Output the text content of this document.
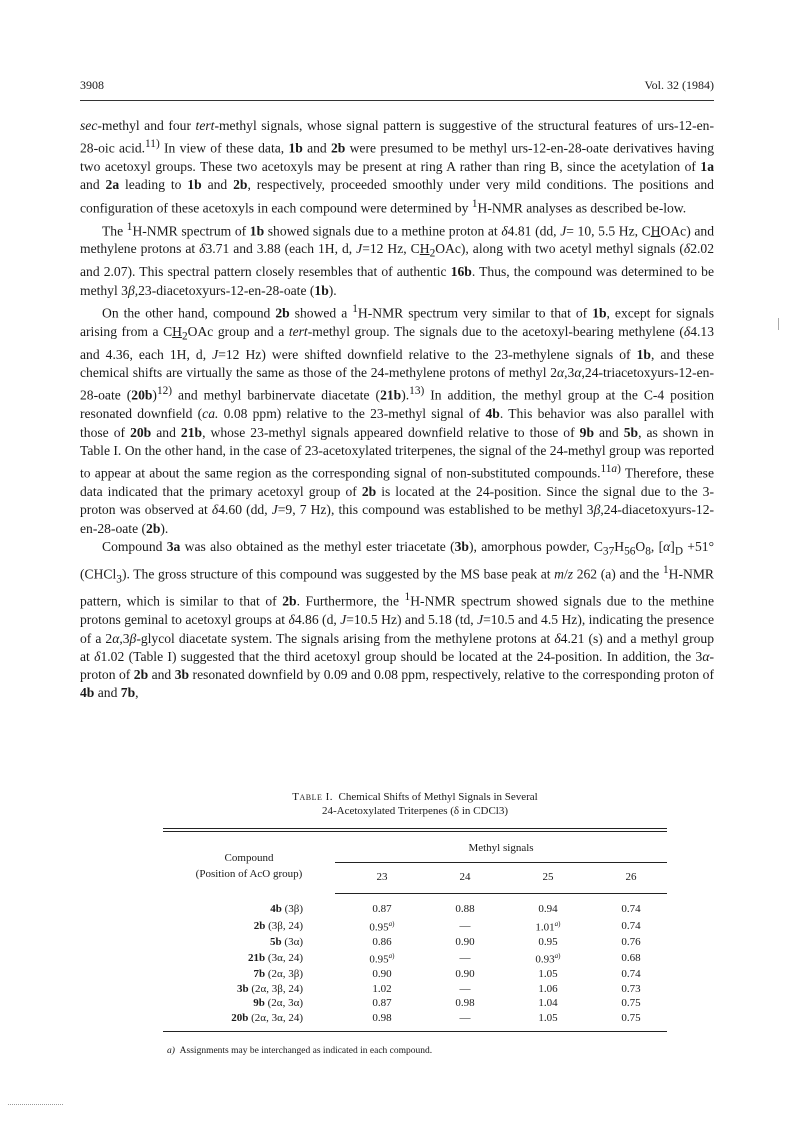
3908	Vol. 32 (1984)

sec-methyl and four tert-methyl signals, whose signal pattern is suggestive of the structural features of urs-12-en-28-oic acid.$^{11)}$ In view of these data, 1b and 2b were presumed to be methyl urs-12-en-28-oate derivatives having two acetoxyl groups. These two acetoxyls may be present at ring A rather than ring B, since the acetylation of 1a and 2a leading to 1b and 2b, respectively, proceeded smoothly under very mild conditions. The positions and configuration of these acetoxyls in each compound were determined by $^1$H-NMR analyses as described be-low.

The $^1$H-NMR spectrum of 1b showed signals due to a methine proton at δ4.81 (dd, J= 10, 5.5 Hz, CHOAc) and methylene protons at δ3.71 and 3.88 (each 1H, d, J=12 Hz, $CH_2OAc$), along with two acetyl methyl signals (δ2.02 and 2.07). This spectral pattern closely resembles that of authentic 16b. Thus, the compound was determined to be methyl 3β,23-diacetoxyurs-12-en-28-oate (1b).

On the other hand, compound 2b showed a $^1$H-NMR spectrum very similar to that of 1b, except for signals arising from a $CH_2OAc$ group and a tert-methyl group. The signals due to the acetoxyl-bearing methylene (δ4.13 and 4.36, each 1H, d, J=12 Hz) were shifted downfield relative to the 23-methylene signals of 1b, and these chemical shifts are virtually the same as those of the 24-methylene protons of methyl 2α,3α,24-triacetoxyurs-12-en-28-oate $(20b)^{12)}$ and methyl barbinervate diacetate (21b).$^{13)}$ In addition, the methyl group at the C-4 position resonated downfield (ca. 0.08 ppm) relative to the 23-methyl signal of 4b. This behavior was also parallel with those of 20b and 21b, whose 23-methyl signals appeared downfield relative to those of 9b and 5b, as shown in Table I. On the other hand, in the case of 23-acetoxylated triterpenes, the signal of the 24-methyl group was reported to appear at about the same region as the corresponding signal of non-substituted compounds.$^{11a)}$ Therefore, these data indicated that the primary acetoxyl group of 2b is located at the 24-position. Since the signal due to the 3-proton was observed at δ4.60 (dd, J=9, 7 Hz), this compound was established to be methyl 3β,24-diacetoxyurs-12-en-28-oate (2b).

Compound 3a was also obtained as the methyl ester triacetate (3b), amorphous powder, $C_{37}H_{56}O_8$, $[\alpha]_D +51^\circ$ (CHCl$_3$). The gross structure of this compound was suggested by the MS base peak at m/z 262 (a) and the $^1$H-NMR pattern, which is similar to that of 2b. Furthermore, the $^1$H-NMR spectrum showed signals due to the methine protons geminal to acetoxyl groups at δ4.86 (d, J=10.5 Hz) and 5.18 (td, J=10.5 and 4.5 Hz), indicating the presence of a 2α,3β-glycol diacetate system. The signals arising from the methylene protons at δ4.21 (s) and a methyl group at δ1.02 (Table I) suggested that the third acetoxyl group should be located at the 24-position. In addition, the 3α-proton of 2b and 3b resonated downfield by 0.09 and 0.08 ppm, respectively, relative to the corresponding proton of 4b and 7b,

Table I. Chemical Shifts of Methyl Signals in Several
24-Acetoxylated Triterpenes (δ in CDCl3)

Compound
(Position of AcO group)	Methyl signals			
	23	24	25	26
4b (3β)	0.87	0.88	0.94	0.74
2b (3β, 24)	0.95$^{a)}$	—	1.01$^{a)}$	0.74
5b (3α)	0.86	0.90	0.95	0.76
21b (3α, 24)	0.95$^{a)}$	—	0.93$^{a)}$	0.68
7b (2α, 3β)	0.90	0.90	1.05	0.74
3b (2α, 3β, 24)	1.02	—	1.06	0.73
9b (2α, 3α)	0.87	0.98	1.04	0.75
20b (2α, 3α, 24)	0.98	—	1.05	0.75

a) Assignments may be interchanged as indicated in each compound.
